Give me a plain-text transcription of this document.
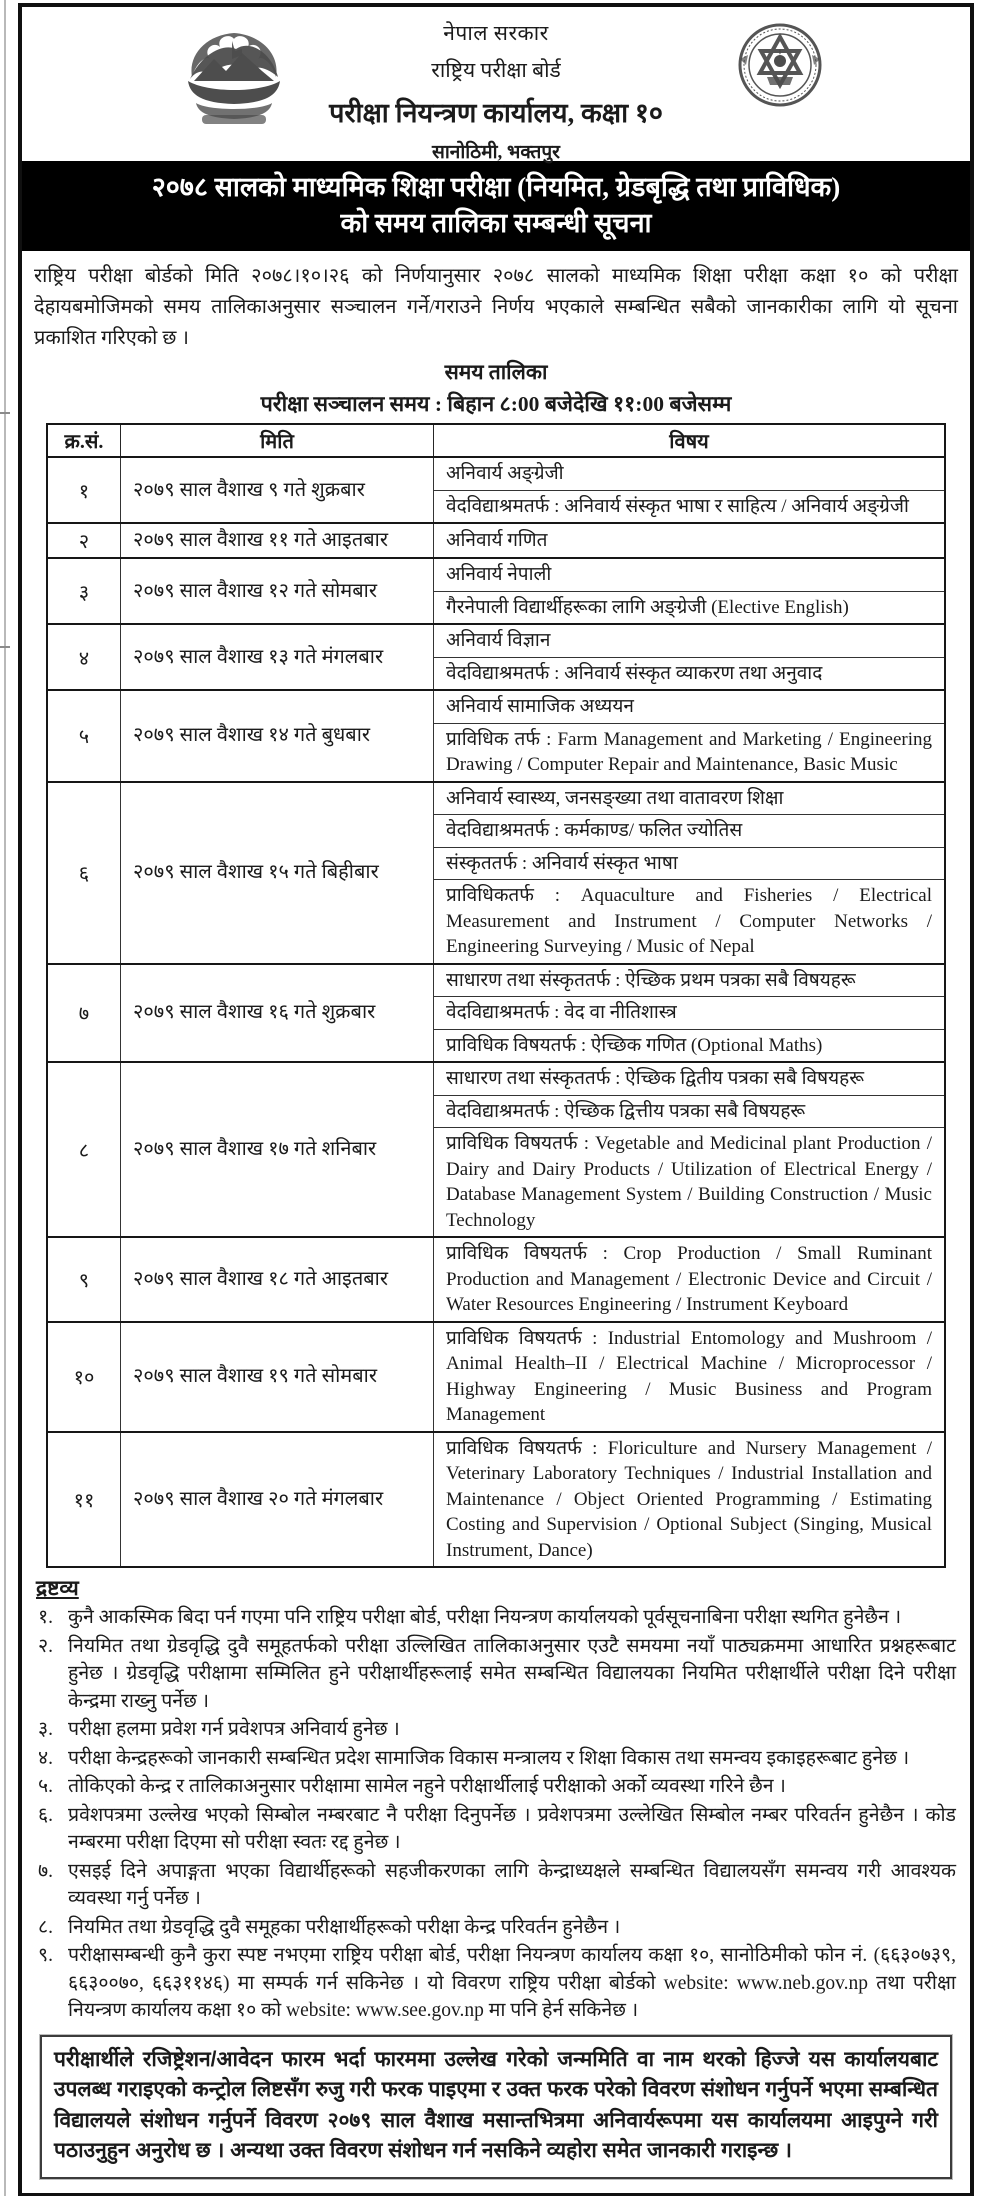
नेपाल सरकार
राष्ट्रिय परीक्षा बोर्ड
परीक्षा नियन्त्रण कार्यालय, कक्षा १०
सानोठिमी, भक्तपुर
२०७८ सालको माध्यमिक शिक्षा परीक्षा (नियमित, ग्रेडबृद्धि तथा प्राविधिक)
को समय तालिका सम्बन्धी सूचना

राष्ट्रिय परीक्षा बोर्डको मिति २०७८।१०।२६ को निर्णयानुसार २०७८ सालको माध्यमिक शिक्षा परीक्षा कक्षा १० को परीक्षा देहायबमोजिमको समय तालिकाअनुसार सञ्चालन गर्ने/गराउने निर्णय भएकाले सम्बन्धित सबैको जानकारीका लागि यो सूचना प्रकाशित गरिएको छ ।

समय तालिका
परीक्षा सञ्चालन समय : बिहान ८:00 बजेदेखि ११:00 बजेसम्म
क्र.सं.	मिति	विषय
१	२०७९ साल वैशाख ९ गते शुक्रबार	अनिवार्य अङ्ग्रेजी
		वेदविद्याश्रमतर्फ : अनिवार्य संस्कृत भाषा र साहित्य / अनिवार्य अङ्ग्रेजी
२	२०७९ साल वैशाख ११ गते आइतबार	अनिवार्य गणित
३	२०७९ साल वैशाख १२ गते सोमबार	अनिवार्य नेपाली
		गैरनेपाली विद्यार्थीहरूका लागि अङ्ग्रेजी (Elective English)
४	२०७९ साल वैशाख १३ गते मंगलबार	अनिवार्य विज्ञान
		वेदविद्याश्रमतर्फ : अनिवार्य संस्कृत व्याकरण तथा अनुवाद
५	२०७९ साल वैशाख १४ गते बुधबार	अनिवार्य सामाजिक अध्ययन
		प्राविधिक तर्फ : Farm Management and Marketing / Engineering Drawing / Computer Repair and Maintenance, Basic Music
६	२०७९ साल वैशाख १५ गते बिहीबार	अनिवार्य स्वास्थ्य, जनसङ्ख्या तथा वातावरण शिक्षा
		वेदविद्याश्रमतर्फ : कर्मकाण्ड/ फलित ज्योतिस
		संस्कृततर्फ : अनिवार्य संस्कृत भाषा
		प्राविधिकतर्फ : Aquaculture and Fisheries / Electrical Measurement and Instrument / Computer Networks / Engineering Surveying / Music of Nepal
७	२०७९ साल वैशाख १६ गते शुक्रबार	साधारण तथा संस्कृततर्फ : ऐच्छिक प्रथम पत्रका सबै विषयहरू
		वेदविद्याश्रमतर्फ : वेद वा नीतिशास्त्र
		प्राविधिक विषयतर्फ : ऐच्छिक गणित (Optional Maths)
८	२०७९ साल वैशाख १७ गते शनिबार	साधारण तथा संस्कृततर्फ : ऐच्छिक द्वितीय पत्रका सबै विषयहरू
		वेदविद्याश्रमतर्फ : ऐच्छिक द्वित्तीय पत्रका सबै विषयहरू
		प्राविधिक विषयतर्फ : Vegetable and Medicinal plant Production / Dairy and Dairy Products / Utilization of Electrical Energy / Database Management System / Building Construction / Music Technology
९	२०७९ साल वैशाख १८ गते आइतबार	प्राविधिक विषयतर्फ : Crop Production / Small Ruminant Production and Management / Electronic Device and Circuit / Water Resources Engineering / Instrument Keyboard
१०	२०७९ साल वैशाख १९ गते सोमबार	प्राविधिक विषयतर्फ : Industrial Entomology and Mushroom / Animal Health–II / Electrical Machine / Microprocessor / Highway Engineering / Music Business and Program Management
११	२०७९ साल वैशाख २० गते मंगलबार	प्राविधिक विषयतर्फ : Floriculture and Nursery Management / Veterinary Laboratory Techniques / Industrial Installation and Maintenance / Object Oriented Programming / Estimating Costing and Supervision / Optional Subject (Singing, Musical Instrument, Dance)
द्रष्टव्य
१. कुनै आकस्मिक बिदा पर्न गएमा पनि राष्ट्रिय परीक्षा बोर्ड, परीक्षा नियन्त्रण कार्यालयको पूर्वसूचनाबिना परीक्षा स्थगित हुनेछैन ।
२. नियमित तथा ग्रेडवृद्धि दुवै समूहतर्फको परीक्षा उल्लिखित तालिकाअनुसार एउटै समयमा नयाँ पाठ्यक्रममा आधारित प्रश्नहरूबाट हुनेछ । ग्रेडवृद्धि परीक्षामा सम्मिलित हुने परीक्षार्थीहरूलाई समेत सम्बन्धित विद्यालयका नियमित परीक्षार्थीले परीक्षा दिने परीक्षा केन्द्रमा राख्नु पर्नेछ ।
३. परीक्षा हलमा प्रवेश गर्न प्रवेशपत्र अनिवार्य हुनेछ ।
४. परीक्षा केन्द्रहरूको जानकारी सम्बन्धित प्रदेश सामाजिक विकास मन्त्रालय र शिक्षा विकास तथा समन्वय इकाइहरूबाट हुनेछ ।
५. तोकिएको केन्द्र र तालिकाअनुसार परीक्षामा सामेल नहुने परीक्षार्थीलाई परीक्षाको अर्को व्यवस्था गरिने छैन ।
६. प्रवेशपत्रमा उल्लेख भएको सिम्बोल नम्बरबाट नै परीक्षा दिनुपर्नेछ । प्रवेशपत्रमा उल्लेखित सिम्बोल नम्बर परिवर्तन हुनेछैन । कोड नम्बरमा परीक्षा दिएमा सो परीक्षा स्वतः रद्द हुनेछ ।
७. एसइई दिने अपाङ्गता भएका विद्यार्थीहरूको सहजीकरणका लागि केन्द्राध्यक्षले सम्बन्धित विद्यालयसँग समन्वय गरी आवश्यक व्यवस्था गर्नु पर्नेछ ।
८. नियमित तथा ग्रेडवृद्धि दुवै समूहका परीक्षार्थीहरूको परीक्षा केन्द्र परिवर्तन हुनेछैन ।
९. परीक्षासम्बन्धी कुनै कुरा स्पष्ट नभएमा राष्ट्रिय परीक्षा बोर्ड, परीक्षा नियन्त्रण कार्यालय कक्षा १०, सानोठिमीको फोन नं. (६६३०७३९, ६६३००७०, ६६३११४६) मा सम्पर्क गर्न सकिनेछ । यो विवरण राष्ट्रिय परीक्षा बोर्डको website: www.neb.gov.np तथा परीक्षा नियन्त्रण कार्यालय कक्षा १० को website: www.see.gov.np मा पनि हेर्न सकिनेछ ।

परीक्षार्थीले रजिष्ट्रेशन/आवेदन फारम भर्दा फारममा उल्लेख गरेको जन्ममिति वा नाम थरको हिज्जे यस कार्यालयबाट उपलब्ध गराइएको कन्ट्रोल लिष्टसँग रुजु गरी फरक पाइएमा र उक्त फरक परेको विवरण संशोधन गर्नुपर्ने भएमा सम्बन्धित विद्यालयले संशोधन गर्नुपर्ने विवरण २०७९ साल वैशाख मसान्तभित्रमा अनिवार्यरूपमा यस कार्यालयमा आइपुग्ने गरी पठाउनुहुन अनुरोध छ । अन्यथा उक्त विवरण संशोधन गर्न नसकिने व्यहोरा समेत जानकारी गराइन्छ ।
